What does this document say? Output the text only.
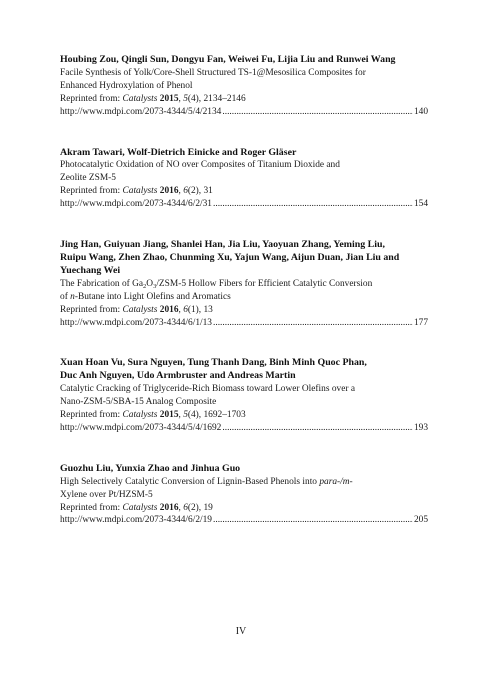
Houbing Zou, Qingli Sun, Dongyu Fan, Weiwei Fu, Lijia Liu and Runwei Wang
Facile Synthesis of Yolk/Core-Shell Structured TS-1@Mesosilica Composites for
Enhanced Hydroxylation of Phenol
Reprinted from: Catalysts 2015, 5(4), 2134–2146
http://www.mdpi.com/2073-4344/5/4/2134 .....	140
Akram Tawari, Wolf-Dietrich Einicke and Roger Gläser
Photocatalytic Oxidation of NO over Composites of Titanium Dioxide and
Zeolite ZSM-5
Reprinted from: Catalysts 2016, 6(2), 31
http://www.mdpi.com/2073-4344/6/2/31 .....	154
Jing Han, Guiyuan Jiang, Shanlei Han, Jia Liu, Yaoyuan Zhang, Yeming Liu,
Ruipu Wang, Zhen Zhao, Chunming Xu, Yajun Wang, Aijun Duan, Jian Liu and
Yuechang Wei
The Fabrication of $Ga_2O_3/ZSM-5$ Hollow Fibers for Efficient Catalytic Conversion
of n-Butane into Light Olefins and Aromatics
Reprinted from: Catalysts 2016, 6(1), 13
http://www.mdpi.com/2073-4344/6/1/13 .....	177
Xuan Hoan Vu, Sura Nguyen, Tung Thanh Dang, Binh Minh Quoc Phan,
Duc Anh Nguyen, Udo Armbruster and Andreas Martin
Catalytic Cracking of Triglyceride-Rich Biomass toward Lower Olefins over a
Nano-ZSM-5/SBA-15 Analog Composite
Reprinted from: Catalysts 2015, 5(4), 1692–1703
http://www.mdpi.com/2073-4344/5/4/1692 .....	193
Guozhu Liu, Yunxia Zhao and Jinhua Guo
High Selectively Catalytic Conversion of Lignin-Based Phenols into para-/m-
Xylene over Pt/HZSM-5
Reprinted from: Catalysts 2016, 6(2), 19
http://www.mdpi.com/2073-4344/6/2/19 .....	205
IV
